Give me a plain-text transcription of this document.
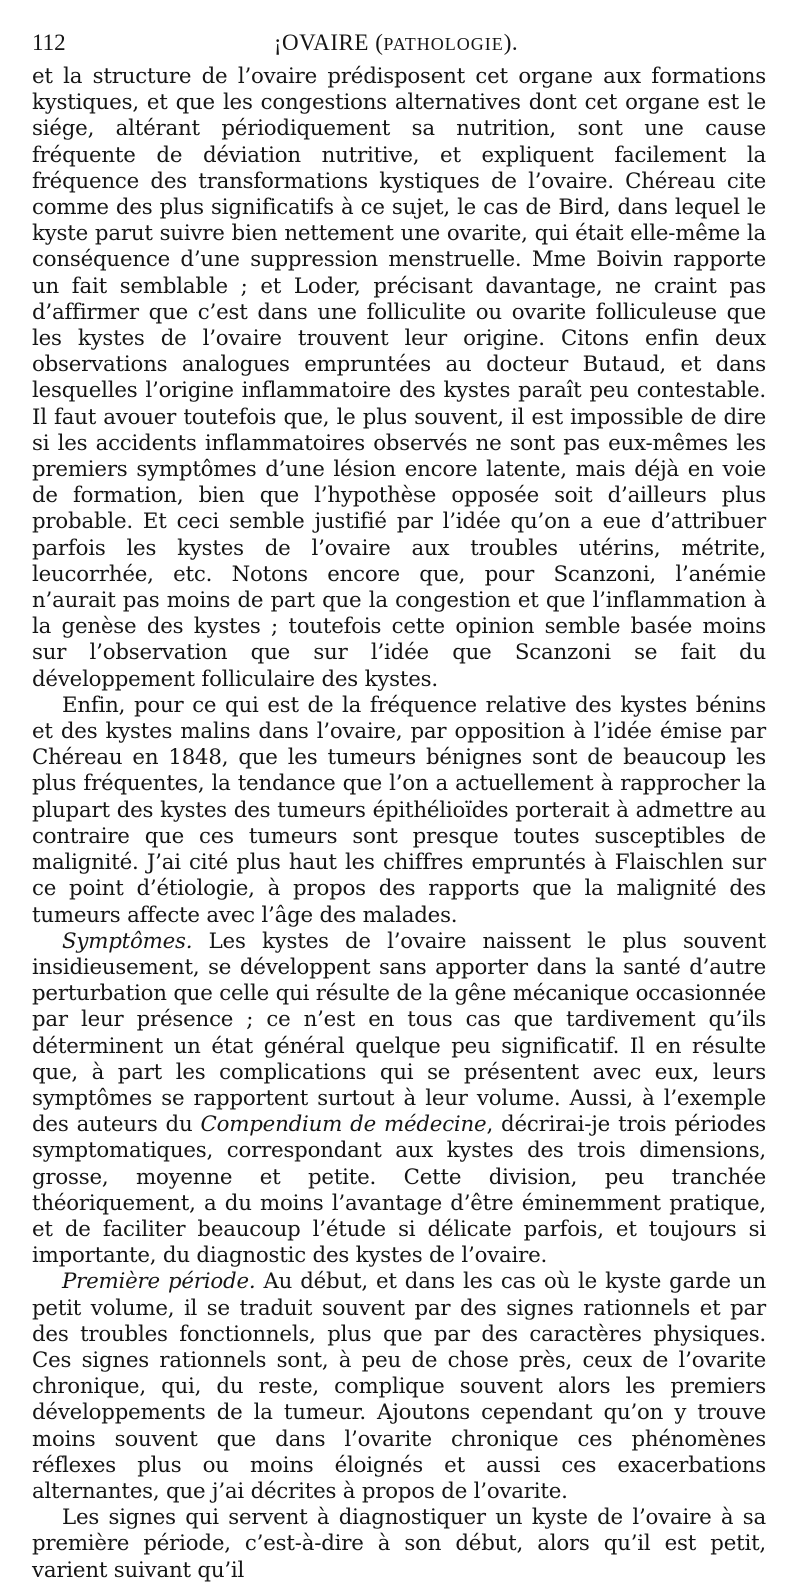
112	¡OVAIRE (PATHOLOGIE).

et la structure de l’ovaire prédisposent cet organe aux formations kystiques, et que les congestions alternatives dont cet organe est le siége, altérant périodiquement sa nutrition, sont une cause fréquente de déviation nutritive, et expliquent facilement la fréquence des transformations kystiques de l’ovaire. Chéreau cite comme des plus significatifs à ce sujet, le cas de Bird, dans lequel le kyste parut suivre bien nettement une ovarite, qui était elle-même la conséquence d’une suppression menstruelle. Mme Boivin rapporte un fait semblable ; et Loder, précisant davantage, ne craint pas d’affirmer que c’est dans une folliculite ou ovarite folliculeuse que les kystes de l’ovaire trouvent leur origine. Citons enfin deux observations analogues empruntées au docteur Butaud, et dans lesquelles l’origine inflammatoire des kystes paraît peu contestable. Il faut avouer toutefois que, le plus souvent, il est impossible de dire si les accidents inflammatoires observés ne sont pas eux-mêmes les premiers symptômes d’une lésion encore latente, mais déjà en voie de formation, bien que l’hypothèse opposée soit d’ailleurs plus probable. Et ceci semble justifié par l’idée qu’on a eue d’attribuer parfois les kystes de l’ovaire aux troubles utérins, métrite, leucorrhée, etc. Notons encore que, pour Scanzoni, l’anémie n’aurait pas moins de part que la congestion et que l’inflammation à la genèse des kystes ; toutefois cette opinion semble basée moins sur l’observation que sur l’idée que Scanzoni se fait du développement folliculaire des kystes.

Enfin, pour ce qui est de la fréquence relative des kystes bénins et des kystes malins dans l’ovaire, par opposition à l’idée émise par Chéreau en 1848, que les tumeurs bénignes sont de beaucoup les plus fréquentes, la tendance que l’on a actuellement à rapprocher la plupart des kystes des tumeurs épithélioïdes porterait à admettre au contraire que ces tumeurs sont presque toutes susceptibles de malignité. J’ai cité plus haut les chiffres empruntés à Flaischlen sur ce point d’étiologie, à propos des rapports que la malignité des tumeurs affecte avec l’âge des malades.

Symptômes. Les kystes de l’ovaire naissent le plus souvent insidieusement, se développent sans apporter dans la santé d’autre perturbation que celle qui résulte de la gêne mécanique occasionnée par leur présence ; ce n’est en tous cas que tardivement qu’ils déterminent un état général quelque peu significatif. Il en résulte que, à part les complications qui se présentent avec eux, leurs symptômes se rapportent surtout à leur volume. Aussi, à l’exemple des auteurs du Compendium de médecine, décrirai-je trois périodes symptomatiques, correspondant aux kystes des trois dimensions, grosse, moyenne et petite. Cette division, peu tranchée théoriquement, a du moins l’avantage d’être éminemment pratique, et de faciliter beaucoup l’étude si délicate parfois, et toujours si importante, du diagnostic des kystes de l’ovaire.

Première période. Au début, et dans les cas où le kyste garde un petit volume, il se traduit souvent par des signes rationnels et par des troubles fonctionnels, plus que par des caractères physiques. Ces signes rationnels sont, à peu de chose près, ceux de l’ovarite chronique, qui, du reste, complique souvent alors les premiers développements de la tumeur. Ajoutons cependant qu’on y trouve moins souvent que dans l’ovarite chronique ces phénomènes réflexes plus ou moins éloignés et aussi ces exacerbations alternantes, que j’ai décrites à propos de l’ovarite.

Les signes qui servent à diagnostiquer un kyste de l’ovaire à sa première période, c’est-à-dire à son début, alors qu’il est petit, varient suivant qu’il
